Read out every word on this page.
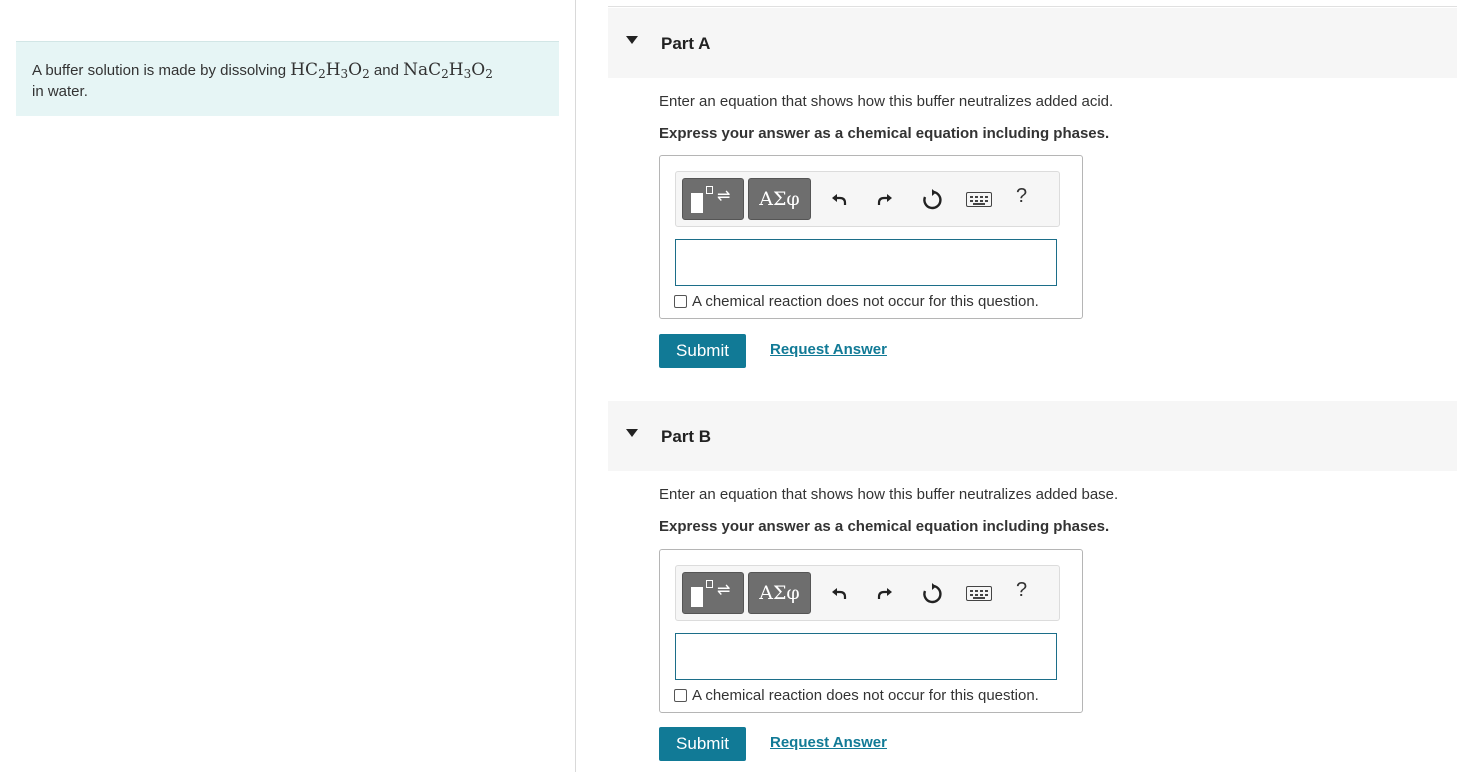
A buffer solution is made by dissolving $HC_2H_3O_2$ and $NaC_2H_3O_2$
in water.
Part A
Enter an equation that shows how this buffer neutralizes added acid.
Express your answer as a chemical equation including phases.
⇌	ΑΣφ	?
A chemical reaction does not occur for this question.
Submit	Request Answer
Part B
Enter an equation that shows how this buffer neutralizes added base.
Express your answer as a chemical equation including phases.
⇌	ΑΣφ	?
A chemical reaction does not occur for this question.
Submit	Request Answer
